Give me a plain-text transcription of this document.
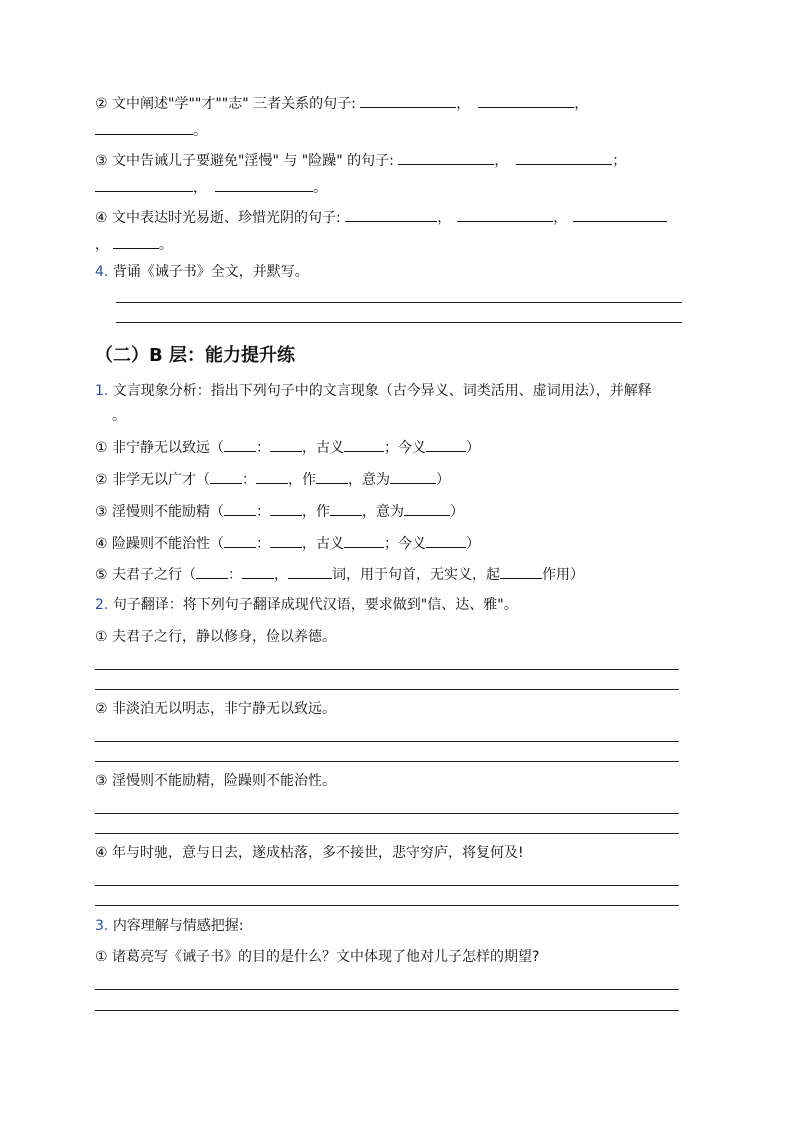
② 文中阐述"学""才""志" 三者关系的句子:	，	，
。
③ 文中告诫儿子要避免"淫慢" 与 "险躁" 的句子:	，	；
，	。
④ 文中表达时光易逝、珍惜光阴的句子:	，	，
，	。
4. 背诵《诫子书》全文，并默写。
（二）B 层：能力提升练
1. 文言现象分析：指出下列句子中的文言现象（古今异义、词类活用、虚词用法），并解释
。
① 非宁静无以致远（ ： ，古义	；今义	）
② 非学无以广才（ ： ，作 ，意为	）
③ 淫慢则不能励精（ ： ，作 ，意为	）
④ 险躁则不能治性（ ： ，古义	；今义	）
⑤ 夫君子之行（ ： ，	词，用于句首，无实义，起	作用）
2. 句子翻译：将下列句子翻译成现代汉语，要求做到"信、达、雅"。
① 夫君子之行，静以修身，俭以养德。
② 非淡泊无以明志，非宁静无以致远。
③ 淫慢则不能励精，险躁则不能治性。
④ 年与时驰，意与日去，遂成枯落，多不接世，悲守穷庐，将复何及!
3. 内容理解与情感把握:
① 诸葛亮写《诫子书》的目的是什么？文中体现了他对儿子怎样的期望?
